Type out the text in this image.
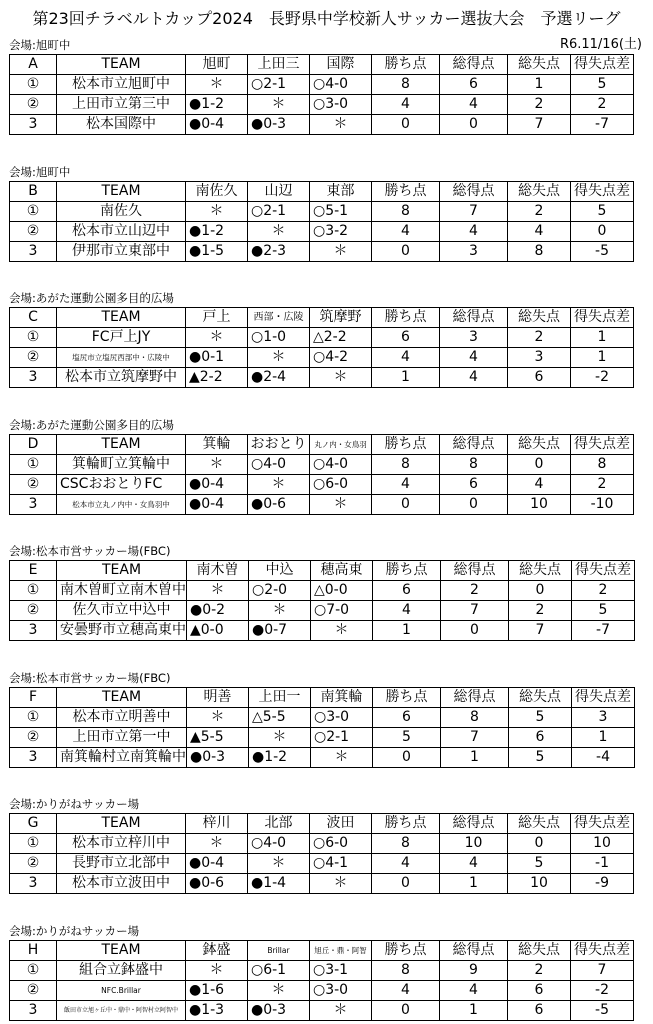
第23回チラベルトカップ2024　長野県中学校新人サッカー選抜大会　予選リーグ
会場:旭町中	R6.11/16(土)
A	TEAM	旭町	上田三	国際	勝ち点	総得点	総失点	得失点差
①	松本市立旭町中	＊	○2-1	○4-0	8	6	1	5
②	上田市立第三中	●1-2	＊	○3-0	4	4	2	2
3	松本国際中	●0-4	●0-3	＊	0	0	7	-7
会場:旭町中
B	TEAM	南佐久	山辺	東部	勝ち点	総得点	総失点	得失点差
①	南佐久	＊	○2-1	○5-1	8	7	2	5
②	松本市立山辺中	●1-2	＊	○3-2	4	4	4	0
3	伊那市立東部中	●1-5	●2-3	＊	0	3	8	-5
会場:あがた運動公園多目的広場
C	TEAM	戸上	西部・広陵	筑摩野	勝ち点	総得点	総失点	得失点差
①	FC戸上JY	＊	○1-0	△2-2	6	3	2	1
②	塩尻市立塩尻西部中・広陵中	●0-1	＊	○4-2	4	4	3	1
3	松本市立筑摩野中	▲2-2	●2-4	＊	1	4	6	-2
会場:あがた運動公園多目的広場
D	TEAM	箕輪	おおとり	丸ノ内・女鳥羽	勝ち点	総得点	総失点	得失点差
①	箕輪町立箕輪中	＊	○4-0	○4-0	8	8	0	8
②	CSCおおとりFC	●0-4	＊	○6-0	4	6	4	2
3	松本市立丸ノ内中・女鳥羽中	●0-4	●0-6	＊	0	0	10	-10
会場:松本市営サッカー場(FBC)
E	TEAM	南木曽	中込	穂高東	勝ち点	総得点	総失点	得失点差
①	南木曽町立南木曽中	＊	○2-0	△0-0	6	2	0	2
②	佐久市立中込中	●0-2	＊	○7-0	4	7	2	5
3	安曇野市立穂高東中	▲0-0	●0-7	＊	1	0	7	-7
会場:松本市営サッカー場(FBC)
F	TEAM	明善	上田一	南箕輪	勝ち点	総得点	総失点	得失点差
①	松本市立明善中	＊	△5-5	○3-0	6	8	5	3
②	上田市立第一中	▲5-5	＊	○2-1	5	7	6	1
3	南箕輪村立南箕輪中	●0-3	●1-2	＊	0	1	5	-4
会場:かりがねサッカー場
G	TEAM	梓川	北部	波田	勝ち点	総得点	総失点	得失点差
①	松本市立梓川中	＊	○4-0	○6-0	8	10	0	10
②	長野市立北部中	●0-4	＊	○4-1	4	4	5	-1
3	松本市立波田中	●0-6	●1-4	＊	0	1	10	-9
会場:かりがねサッカー場
H	TEAM	鉢盛	Brillar	旭丘・鼎・阿智	勝ち点	総得点	総失点	得失点差
①	組合立鉢盛中	＊	○6-1	○3-1	8	9	2	7
②	NFC.Brillar	●1-6	＊	○3-0	4	4	6	-2
3	飯田市立旭ヶ丘中・鼎中・阿智村立阿智中	●1-3	●0-3	＊	0	1	6	-5
